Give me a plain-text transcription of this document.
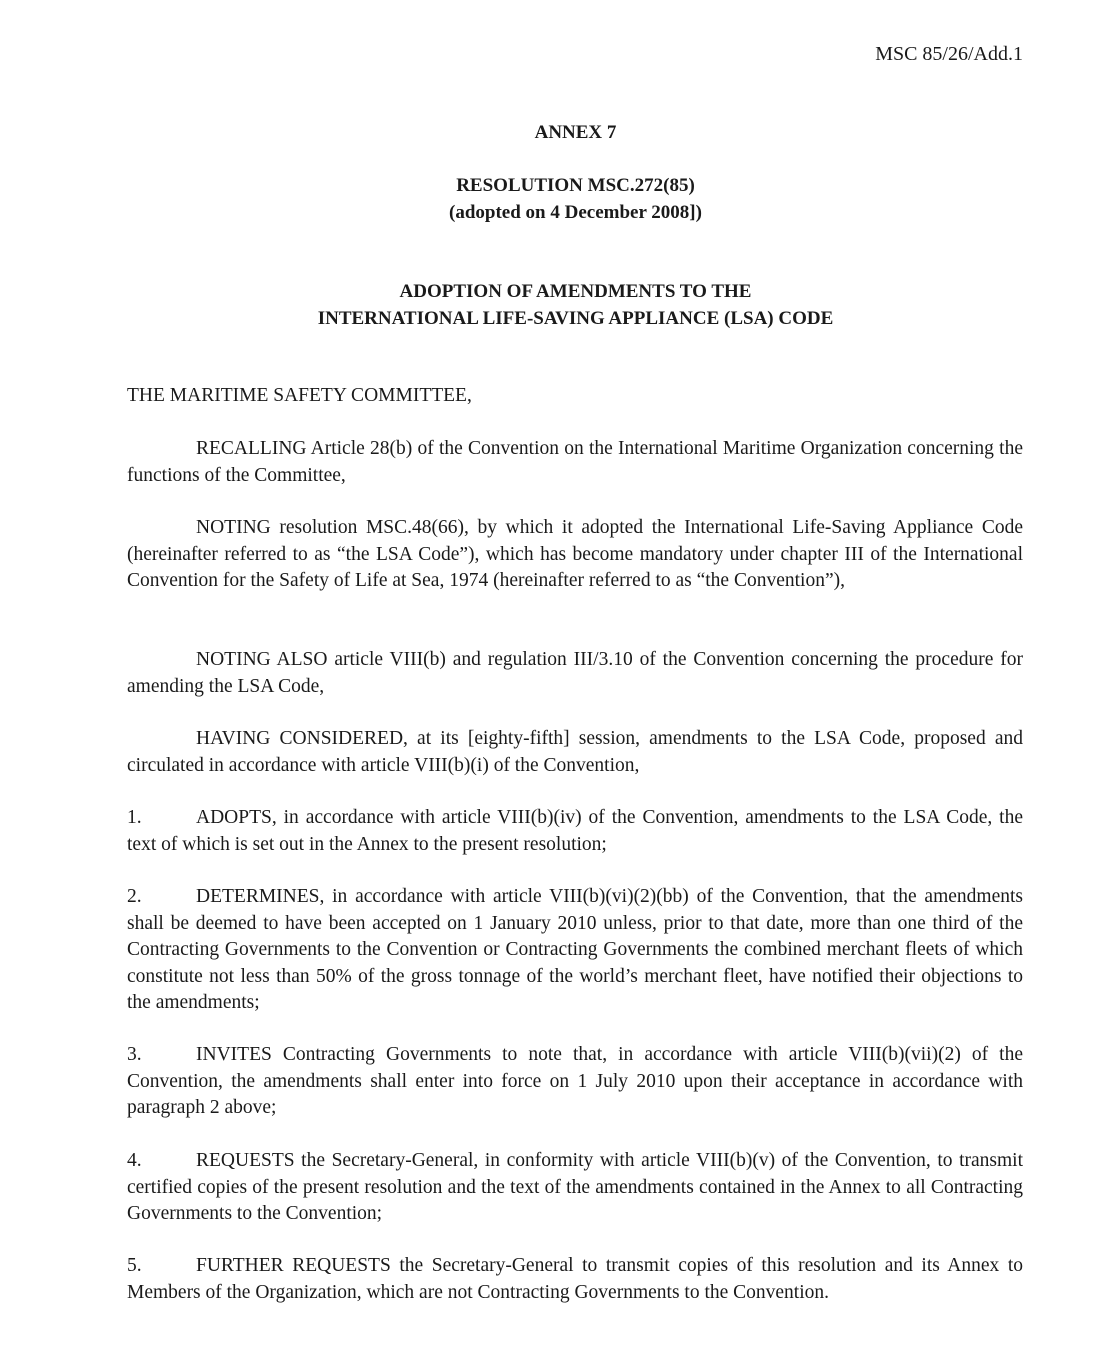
MSC 85/26/Add.1
ANNEX 7
RESOLUTION MSC.272(85)
(adopted on 4 December 2008])
ADOPTION OF AMENDMENTS TO THE
INTERNATIONAL LIFE-SAVING APPLIANCE (LSA) CODE
THE MARITIME SAFETY COMMITTEE,
RECALLING Article 28(b) of the Convention on the International Maritime Organization concerning the functions of the Committee,
NOTING resolution MSC.48(66), by which it adopted the International Life-Saving Appliance Code (hereinafter referred to as “the LSA Code”), which has become mandatory under chapter III of the International Convention for the Safety of Life at Sea, 1974 (hereinafter referred to as “the Convention”),
NOTING ALSO article VIII(b) and regulation III/3.10 of the Convention concerning the procedure for amending the LSA Code,
HAVING CONSIDERED, at its [eighty-fifth] session, amendments to the LSA Code, proposed and circulated in accordance with article VIII(b)(i) of the Convention,
1.	ADOPTS, in accordance with article VIII(b)(iv) of the Convention, amendments to the LSA Code, the text of which is set out in the Annex to the present resolution;
2.	DETERMINES, in accordance with article VIII(b)(vi)(2)(bb) of the Convention, that the amendments shall be deemed to have been accepted on 1 January 2010 unless, prior to that date, more than one third of the Contracting Governments to the Convention or Contracting Governments the combined merchant fleets of which constitute not less than 50% of the gross tonnage of the world’s merchant fleet, have notified their objections to the amendments;
3.	INVITES Contracting Governments to note that, in accordance with article VIII(b)(vii)(2) of the Convention, the amendments shall enter into force on 1 July 2010 upon their acceptance in accordance with paragraph 2 above;
4.	REQUESTS the Secretary-General, in conformity with article VIII(b)(v) of the Convention, to transmit certified copies of the present resolution and the text of the amendments contained in the Annex to all Contracting Governments to the Convention;
5.	FURTHER REQUESTS the Secretary-General to transmit copies of this resolution and its Annex to Members of the Organization, which are not Contracting Governments to the Convention.
